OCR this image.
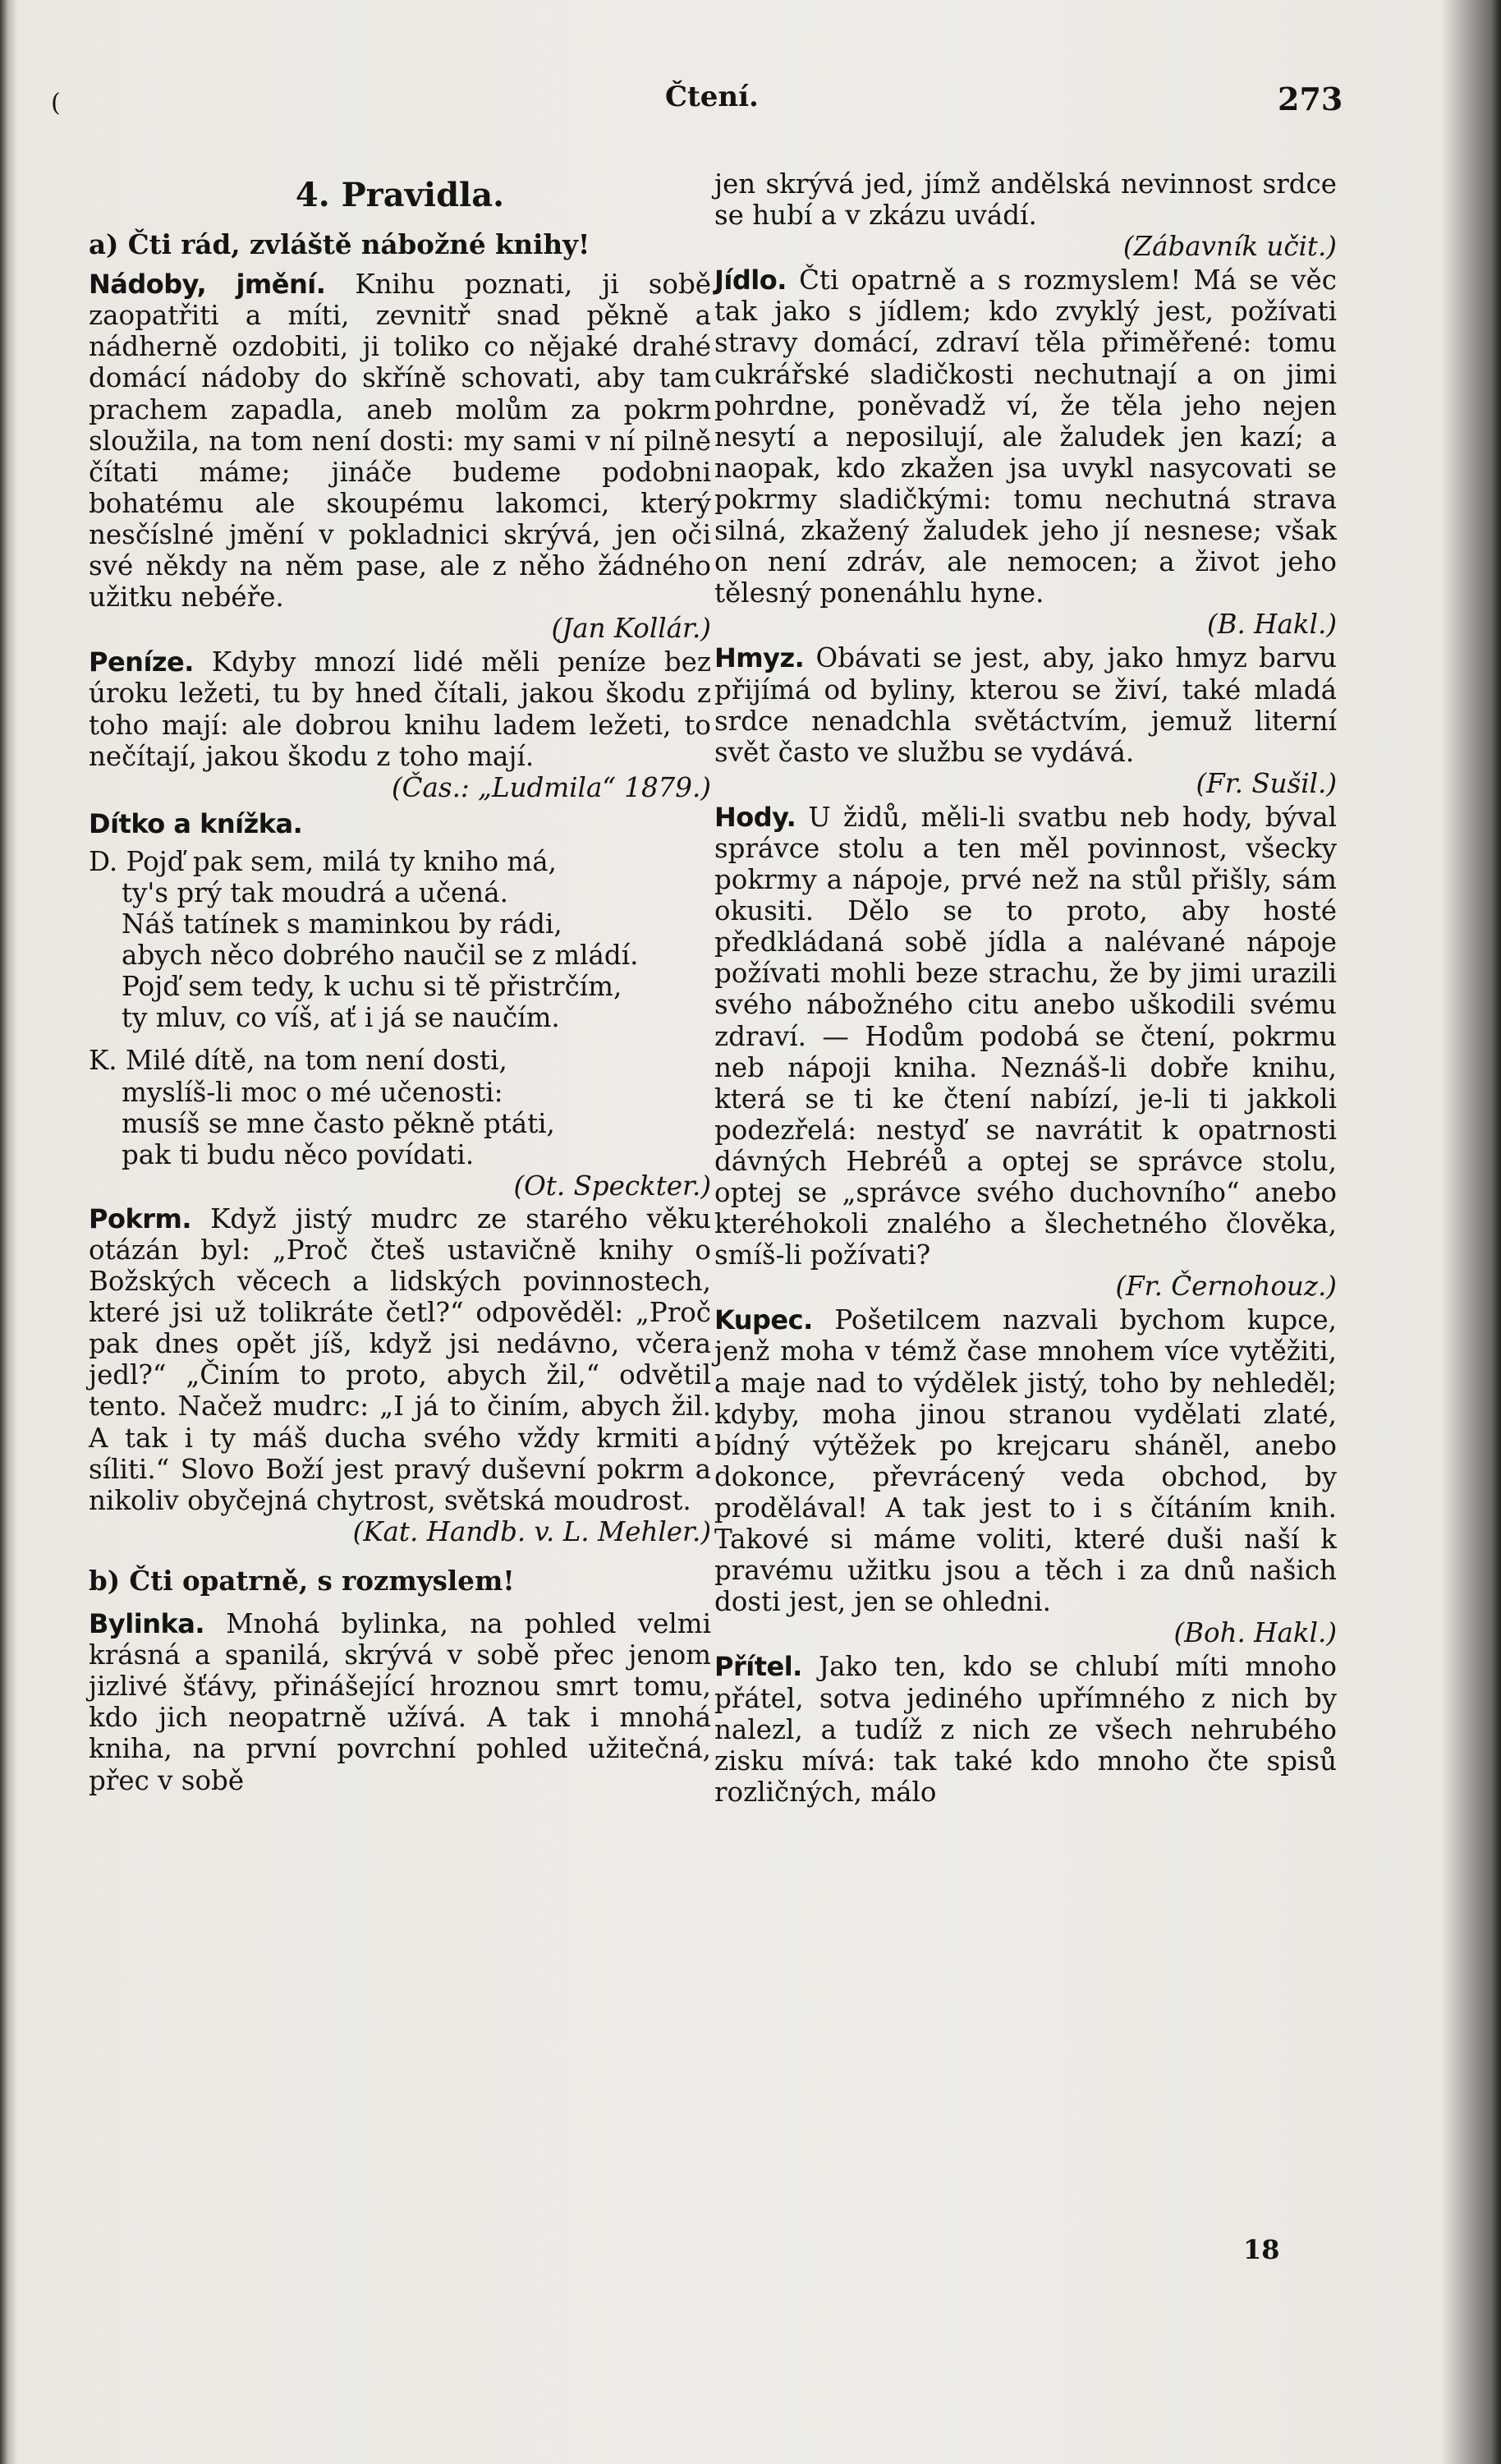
(	Čtení.	273

4. Pravidla.

a) Čti rád, zvláště nábožné knihy!

Nádoby, jmění. Knihu poznati, ji sobě zaopatřiti a míti, zevnitř snad pěkně a nádherně ozdobiti, ji toliko co nějaké drahé domácí nádoby do skříně schovati, aby tam prachem zapadla, aneb molům za pokrm sloužila, na tom není dosti: my sami v ní pilně čítati máme; jináče budeme podobni bohatému ale skoupému lakomci, který nesčíslné jmění v pokladnici skrývá, jen oči své někdy na něm pase, ale z něho žádného užitku nebéře.
(Jan Kollár.)

Peníze. Kdyby mnozí lidé měli peníze bez úroku ležeti, tu by hned čítali, jakou škodu z toho mají: ale dobrou knihu ladem ležeti, to nečítají, jakou škodu z toho mají.
(Čas.: „Ludmila“ 1879.)

Dítko a knížka.

D. Pojď pak sem, milá ty kniho má,
ty's prý tak moudrá a učená.
Náš tatínek s maminkou by rádi,
abych něco dobrého naučil se z mládí.
Pojď sem tedy, k uchu si tě přistrčím,
ty mluv, co víš, ať i já se naučím.
K. Milé dítě, na tom není dosti,
myslíš-li moc o mé učenosti:
musíš se mne často pěkně ptáti,
pak ti budu něco povídati.
(Ot. Speckter.)

Pokrm. Když jistý mudrc ze starého věku otázán byl: „Proč čteš ustavičně knihy o Božských věcech a lidských povinnostech, které jsi už tolikráte četl?“ odpověděl: „Proč pak dnes opět jíš, když jsi nedávno, včera jedl?“ „Činím to proto, abych žil,“ odvětil tento. Načež mudrc: „I já to činím, abych žil. A tak i ty máš ducha svého vždy krmiti a síliti.“ Slovo Boží jest pravý duševní pokrm a nikoliv obyčejná chytrost, světská moudrost.
(Kat. Handb. v. L. Mehler.)

b) Čti opatrně, s rozmyslem!

Bylinka. Mnohá bylinka, na pohled velmi krásná a spanilá, skrývá v sobě přec jenom jizlivé šťávy, přinášející hroznou smrt tomu, kdo jich neopatrně užívá. A tak i mnohá kniha, na první povrchní pohled užitečná, přec v sobě

jen skrývá jed, jímž andělská nevinnost srdce se hubí a v zkázu uvádí.
(Zábavník učit.)

Jídlo. Čti opatrně a s rozmyslem! Má se věc tak jako s jídlem; kdo zvyklý jest, požívati stravy domácí, zdraví těla přiměřené: tomu cukrářské sladičkosti nechutnají a on jimi pohrdne, poněvadž ví, že těla jeho nejen nesytí a neposilují, ale žaludek jen kazí; a naopak, kdo zkažen jsa uvykl nasycovati se pokrmy sladičkými: tomu nechutná strava silná, zkažený žaludek jeho jí nesnese; však on není zdráv, ale nemocen; a život jeho tělesný ponenáhlu hyne.
(B. Hakl.)

Hmyz. Obávati se jest, aby, jako hmyz barvu přijímá od byliny, kterou se živí, také mladá srdce nenadchla světáctvím, jemuž literní svět často ve službu se vydává.
(Fr. Sušil.)

Hody. U židů, měli-li svatbu neb hody, býval správce stolu a ten měl povinnost, všecky pokrmy a nápoje, prvé než na stůl přišly, sám okusiti. Dělo se to proto, aby hosté předkládaná sobě jídla a nalévané nápoje požívati mohli beze strachu, že by jimi urazili svého nábožného citu anebo uškodili svému zdraví. — Hodům podobá se čtení, pokrmu neb nápoji kniha. Neznáš-li dobře knihu, která se ti ke čtení nabízí, je-li ti jakkoli podezřelá: nestyď se navrátit k opatrnosti dávných Hebréů a optej se správce stolu, optej se „správce svého duchovního“ anebo kteréhokoli znalého a šlechetného člověka, smíš-li požívati?
(Fr. Černohouz.)

Kupec. Pošetilcem nazvali bychom kupce, jenž moha v témž čase mnohem více vytěžiti, a maje nad to výdělek jistý, toho by nehleděl; kdyby, moha jinou stranou vydělati zlaté, bídný výtěžek po krejcaru sháněl, anebo dokonce, převrácený veda obchod, by prodělával! A tak jest to i s čítáním knih. Takové si máme voliti, které duši naší k pravému užitku jsou a těch i za dnů našich dosti jest, jen se ohledni.
(Boh. Hakl.)

Přítel. Jako ten, kdo se chlubí míti mnoho přátel, sotva jediného upřímného z nich by nalezl, a tudíž z nich ze všech nehrubého zisku mívá: tak také kdo mnoho čte spisů rozličných, málo

18
